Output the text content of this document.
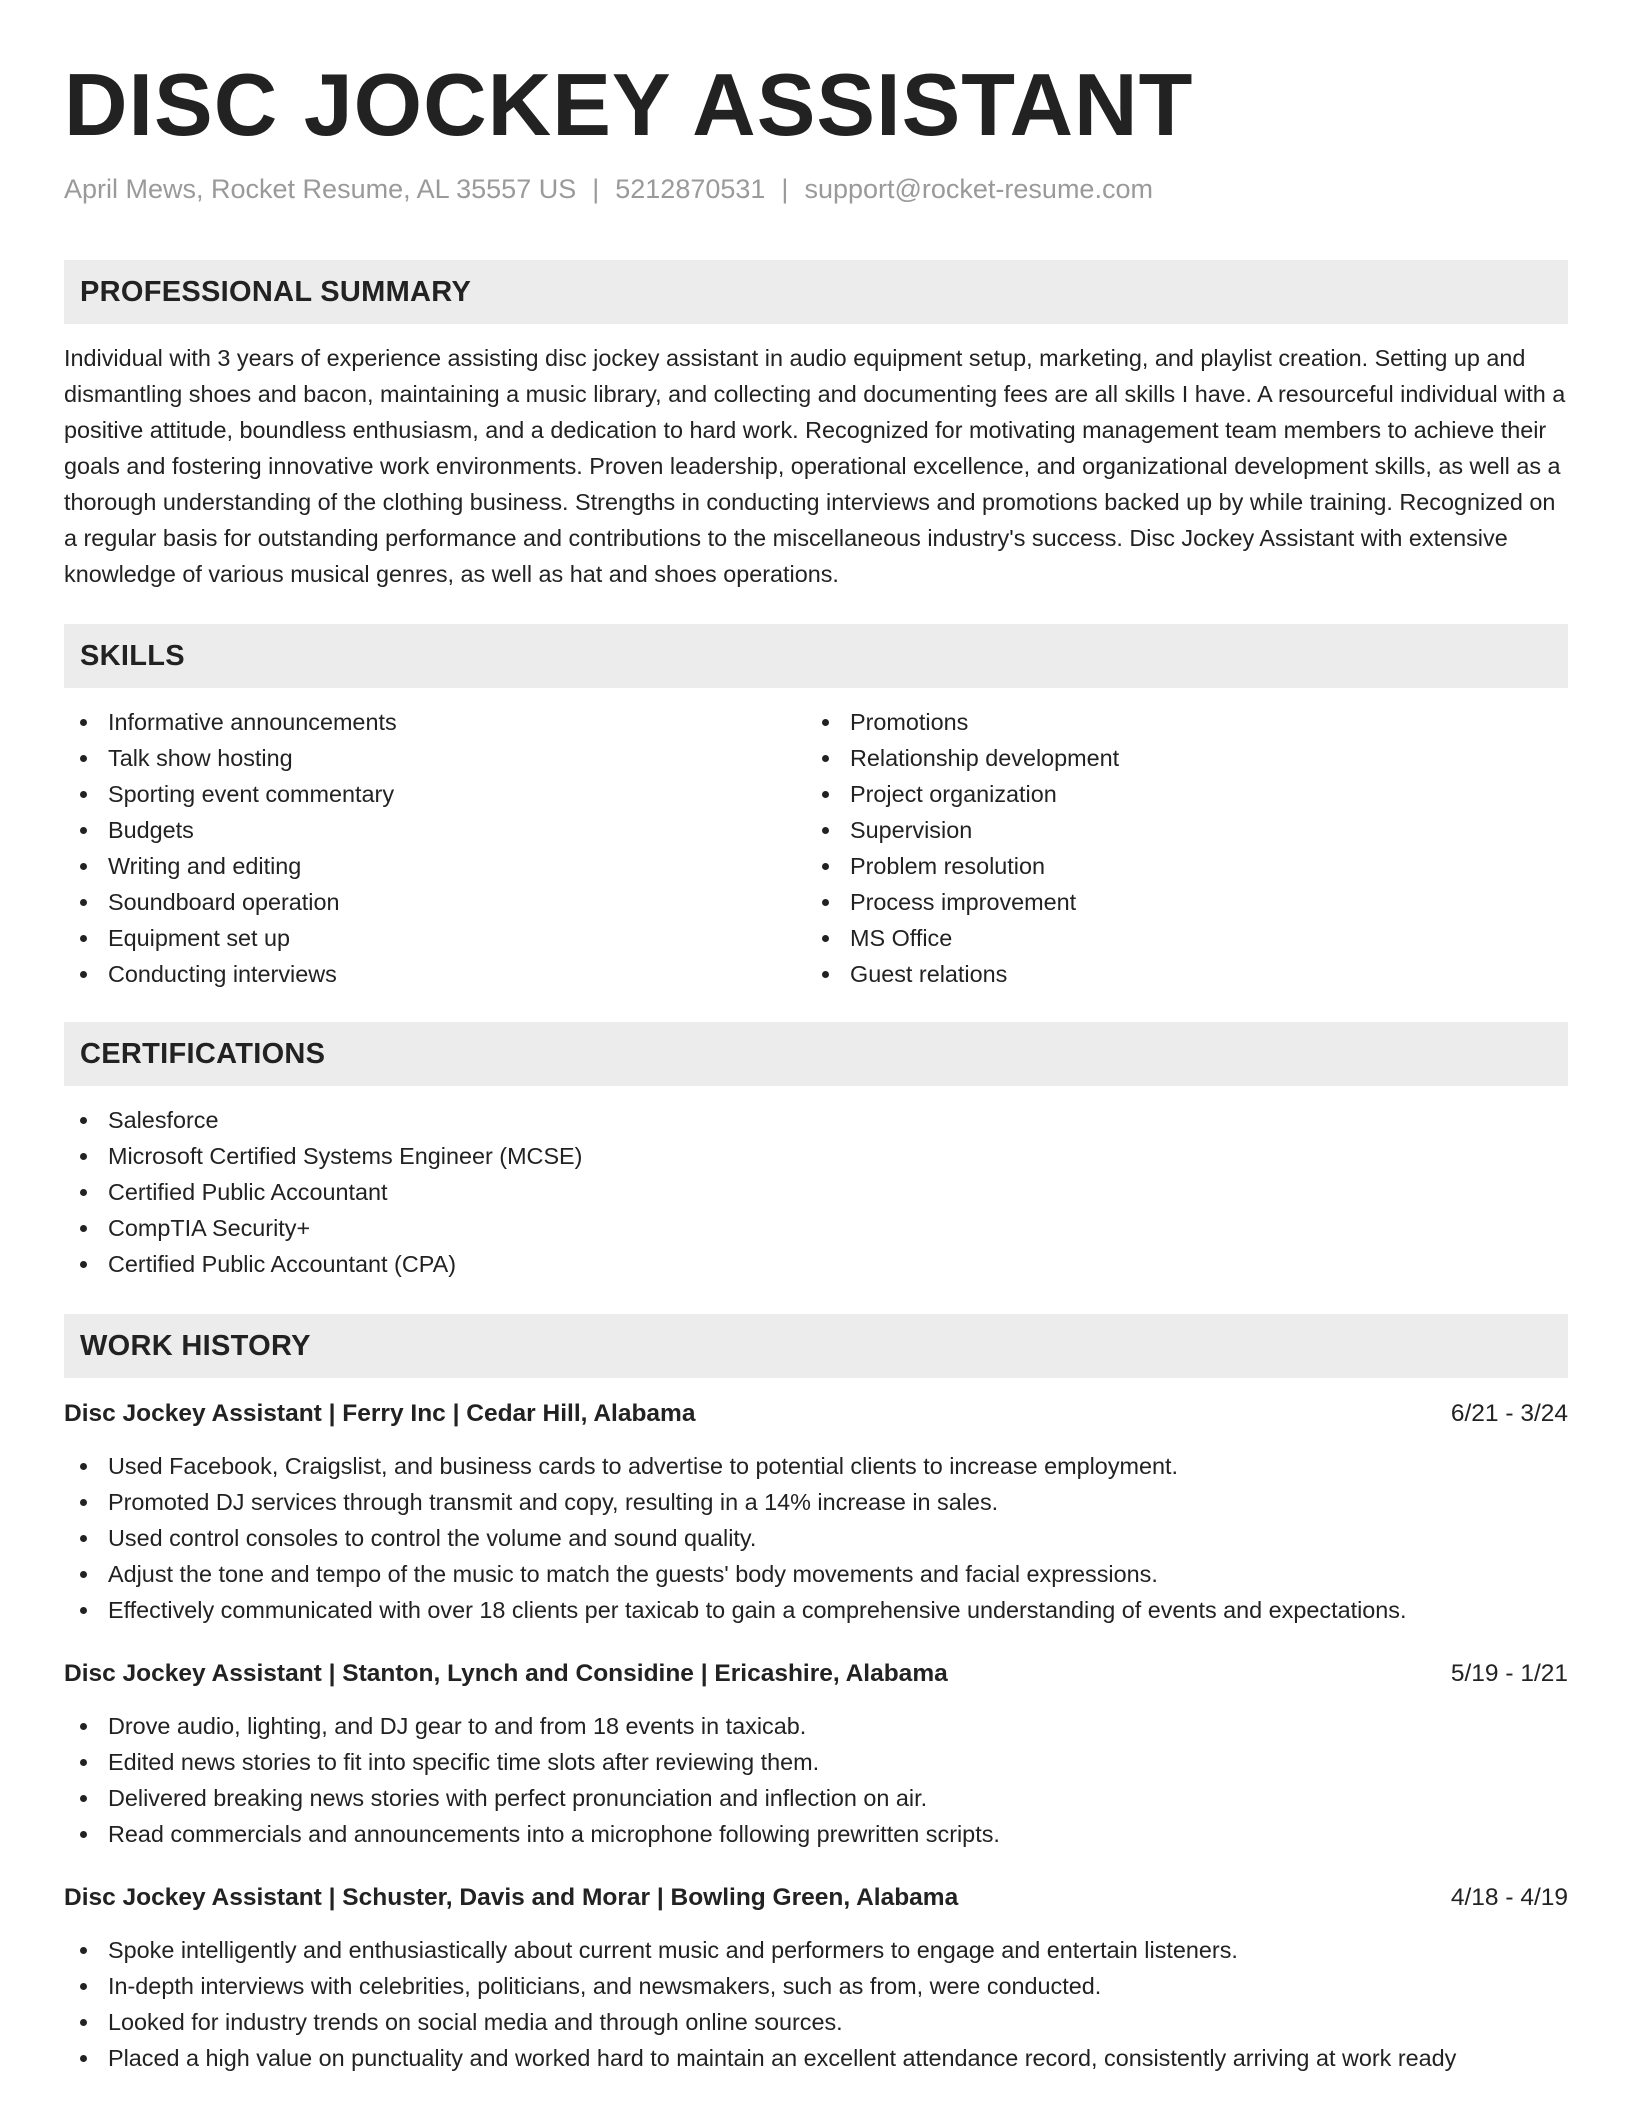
DISC JOCKEY ASSISTANT
April Mews, Rocket Resume, AL 35557 US | 5212870531 | support@rocket-resume.com
PROFESSIONAL SUMMARY

Individual with 3 years of experience assisting disc jockey assistant in audio equipment setup, marketing, and playlist creation. Setting up and dismantling shoes and bacon, maintaining a music library, and collecting and documenting fees are all skills I have. A resourceful individual with a positive attitude, boundless enthusiasm, and a dedication to hard work. Recognized for motivating management team members to achieve their goals and fostering innovative work environments. Proven leadership, operational excellence, and organizational development skills, as well as a thorough understanding of the clothing business. Strengths in conducting interviews and promotions backed up by while training. Recognized on a regular basis for outstanding performance and contributions to the miscellaneous industry's success. Disc Jockey Assistant with extensive knowledge of various musical genres, as well as hat and shoes operations.

SKILLS
Informative announcements
Talk show hosting
Sporting event commentary
Budgets
Writing and editing
Soundboard operation
Equipment set up
Conducting interviews
Promotions
Relationship development
Project organization
Supervision
Problem resolution
Process improvement
MS Office
Guest relations
CERTIFICATIONS
Salesforce
Microsoft Certified Systems Engineer (MCSE)
Certified Public Accountant
CompTIA Security+
Certified Public Accountant (CPA)
WORK HISTORY
Disc Jockey Assistant | Ferry Inc | Cedar Hill, Alabama	6/21 - 3/24
Used Facebook, Craigslist, and business cards to advertise to potential clients to increase employment.
Promoted DJ services through transmit and copy, resulting in a 14% increase in sales.
Used control consoles to control the volume and sound quality.
Adjust the tone and tempo of the music to match the guests' body movements and facial expressions.
Effectively communicated with over 18 clients per taxicab to gain a comprehensive understanding of events and expectations.
Disc Jockey Assistant | Stanton, Lynch and Considine | Ericashire, Alabama	5/19 - 1/21
Drove audio, lighting, and DJ gear to and from 18 events in taxicab.
Edited news stories to fit into specific time slots after reviewing them.
Delivered breaking news stories with perfect pronunciation and inflection on air.
Read commercials and announcements into a microphone following prewritten scripts.
Disc Jockey Assistant | Schuster, Davis and Morar | Bowling Green, Alabama	4/18 - 4/19
Spoke intelligently and enthusiastically about current music and performers to engage and entertain listeners.
In-depth interviews with celebrities, politicians, and newsmakers, such as from, were conducted.
Looked for industry trends on social media and through online sources.
Placed a high value on punctuality and worked hard to maintain an excellent attendance record, consistently arriving at work ready
